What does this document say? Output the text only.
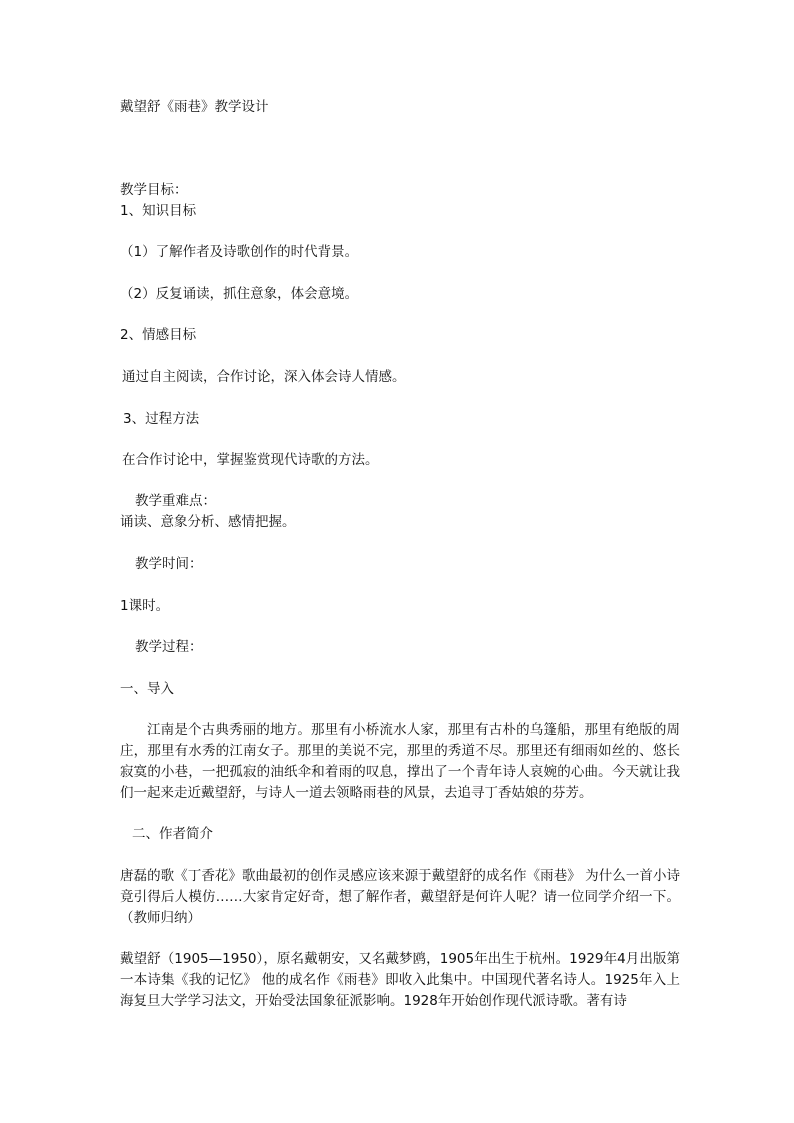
戴望舒《雨巷》教学设计
教学目标：
1、知识目标
（1）了解作者及诗歌创作的时代背景。
（2）反复诵读，抓住意象，体会意境。
2、情感目标
通过自主阅读，合作讨论，深入体会诗人情感。
3、过程方法
在合作讨论中，掌握鉴赏现代诗歌的方法。
教学重难点：
诵读、意象分析、感情把握。
教学时间：
1课时。
教学过程：
一、导入
江南是个古典秀丽的地方。那里有小桥流水人家，那里有古朴的乌篷船，那里有绝版的周庄，那里有水秀的江南女子。那里的美说不完，那里的秀道不尽。那里还有细雨如丝的、悠长寂寞的小巷，一把孤寂的油纸伞和着雨的叹息，撑出了一个青年诗人哀婉的心曲。今天就让我们一起来走近戴望舒，与诗人一道去领略雨巷的风景，去追寻丁香姑娘的芬芳。
二、作者简介
唐磊的歌《丁香花》歌曲最初的创作灵感应该来源于戴望舒的成名作《雨巷》 为什么一首小诗竟引得后人模仿……大家肯定好奇，想了解作者，戴望舒是何许人呢？请一位同学介绍一下。（教师归纳）
戴望舒（1905—1950），原名戴朝安，又名戴梦鸥，1905年出生于杭州。1929年4月出版第一本诗集《我的记忆》 他的成名作《雨巷》即收入此集中。中国现代著名诗人。1925年入上海复旦大学学习法文，开始受法国象征派影响。1928年开始创作现代派诗歌。著有诗
